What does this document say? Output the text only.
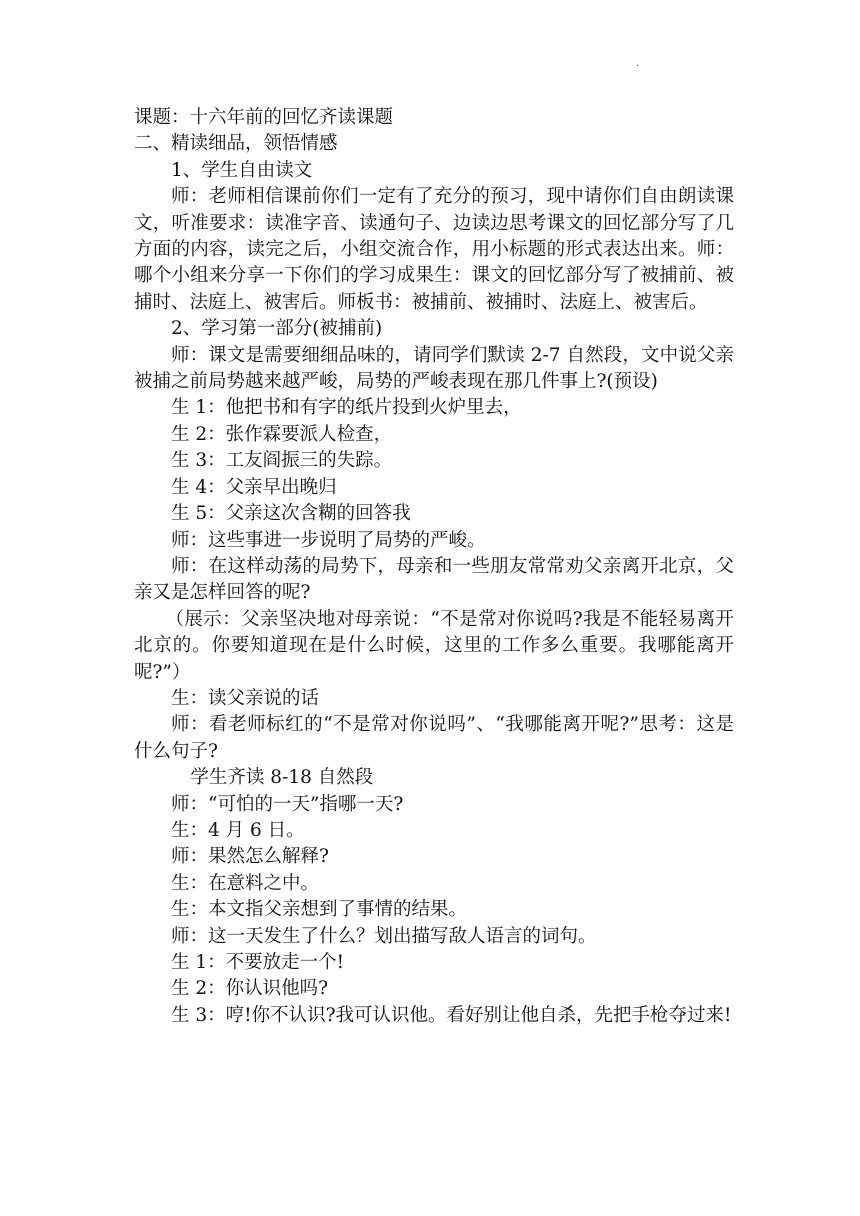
.

课题：十六年前的回忆齐读课题

二、精读细品，领悟情感

1、学生自由读文

师：老师相信课前你们一定有了充分的预习，现中请你们自由朗读课文，听准要求：读准字音、读通句子、边读边思考课文的回忆部分写了几方面的内容，读完之后，小组交流合作，用小标题的形式表达出来。师：哪个小组来分享一下你们的学习成果生：课文的回忆部分写了被捕前、被捕时、法庭上、被害后。师板书：被捕前、被捕时、法庭上、被害后。

2、学习第一部分(被捕前)

师：课文是需要细细品味的，请同学们默读 2-7 自然段，文中说父亲被捕之前局势越来越严峻，局势的严峻表现在那几件事上?(预设)

生 1：他把书和有字的纸片投到火炉里去，

生 2：张作霖要派人检查，

生 3：工友阎振三的失踪。

生 4：父亲早出晚归

生 5：父亲这次含糊的回答我

师：这些事进一步说明了局势的严峻。

师：在这样动荡的局势下，母亲和一些朋友常常劝父亲离开北京，父亲又是怎样回答的呢?

（展示：父亲坚决地对母亲说：“不是常对你说吗?我是不能轻易离开北京的。你要知道现在是什么时候，这里的工作多么重要。我哪能离开呢?”）

生：读父亲说的话

师：看老师标红的“不是常对你说吗”、“我哪能离开呢?”思考：这是什么句子?

学生齐读 8-18 自然段

师：“可怕的一天”指哪一天?

生：4 月 6 日。

师：果然怎么解释?

生：在意料之中。

生：本文指父亲想到了事情的结果。

师：这一天发生了什么？划出描写敌人语言的词句。

生 1：不要放走一个!

生 2：你认识他吗?

生 3：哼!你不认识?我可认识他。看好别让他自杀，先把手枪夺过来!
